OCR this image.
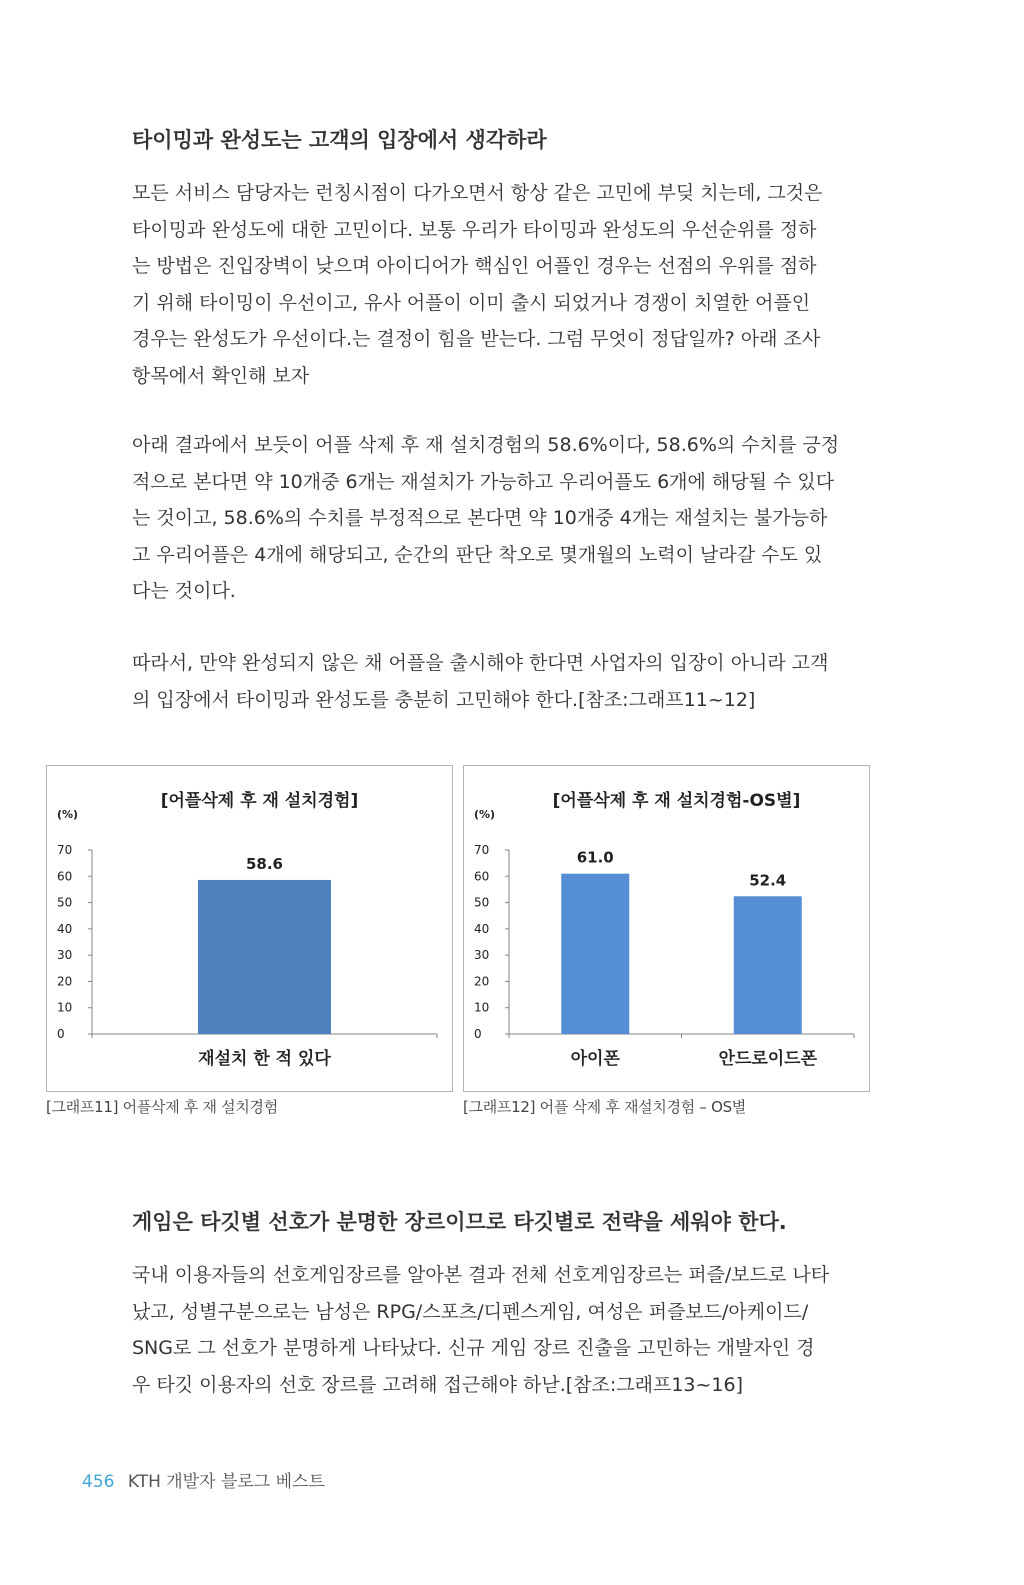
타이밍과 완성도는 고객의 입장에서 생각하라

모든 서비스 담당자는 런칭시점이 다가오면서 항상 같은 고민에 부딪 치는데, 그것은
타이밍과 완성도에 대한 고민이다. 보통 우리가 타이밍과 완성도의 우선순위를 정하
는 방법은 진입장벽이 낮으며 아이디어가 핵심인 어플인 경우는 선점의 우위를 점하
기 위해 타이밍이 우선이고, 유사 어플이 이미 출시 되었거나 경쟁이 치열한 어플인
경우는 완성도가 우선이다.는 결정이 힘을 받는다. 그럼 무엇이 정답일까? 아래 조사
항목에서 확인해 보자

아래 결과에서 보듯이 어플 삭제 후 재 설치경험의 58.6%이다, 58.6%의 수치를 긍정
적으로 본다면 약 10개중 6개는 재설치가 가능하고 우리어플도 6개에 해당될 수 있다
는 것이고, 58.6%의 수치를 부정적으로 본다면 약 10개중 4개는 재설치는 불가능하
고 우리어플은 4개에 해당되고, 순간의 판단 착오로 몇개월의 노력이 날라갈 수도 있
다는 것이다.

따라서, 만약 완성되지 않은 채 어플을 출시해야 한다면 사업자의 입장이 아니라 고객
의 입장에서 타이밍과 완성도를 충분히 고민해야 한다.[참조:그래프11~12]

[어플삭제 후 재 설치경험]
(%)
0
10
20
30
40
50
60
70
58.6
재설치 한 적 있다
[어플삭제 후 재 설치경험-OS별]
(%)
0
10
20
30
40
50
60
70	61.0
아이폰
52.4
안드로이드폰

[그래프11] 어플삭제 후 재 설치경험	[그래프12] 어플 삭제 후 재설치경험 – OS별

게임은 타깃별 선호가 분명한 장르이므로 타깃별로 전략을 세워야 한다.

국내 이용자들의 선호게임장르를 알아본 결과 전체 선호게임장르는 퍼즐/보드로 나타
났고, 성별구분으로는 남성은 RPG/스포츠/디펜스게임, 여성은 퍼즐보드/아케이드/
SNG로 그 선호가 분명하게 나타났다. 신규 게임 장르 진출을 고민하는 개발자인 경
우 타깃 이용자의 선호 장르를 고려해 접근해야 하낟.[참조:그래프13~16]

456 KTH 개발자 블로그 베스트
